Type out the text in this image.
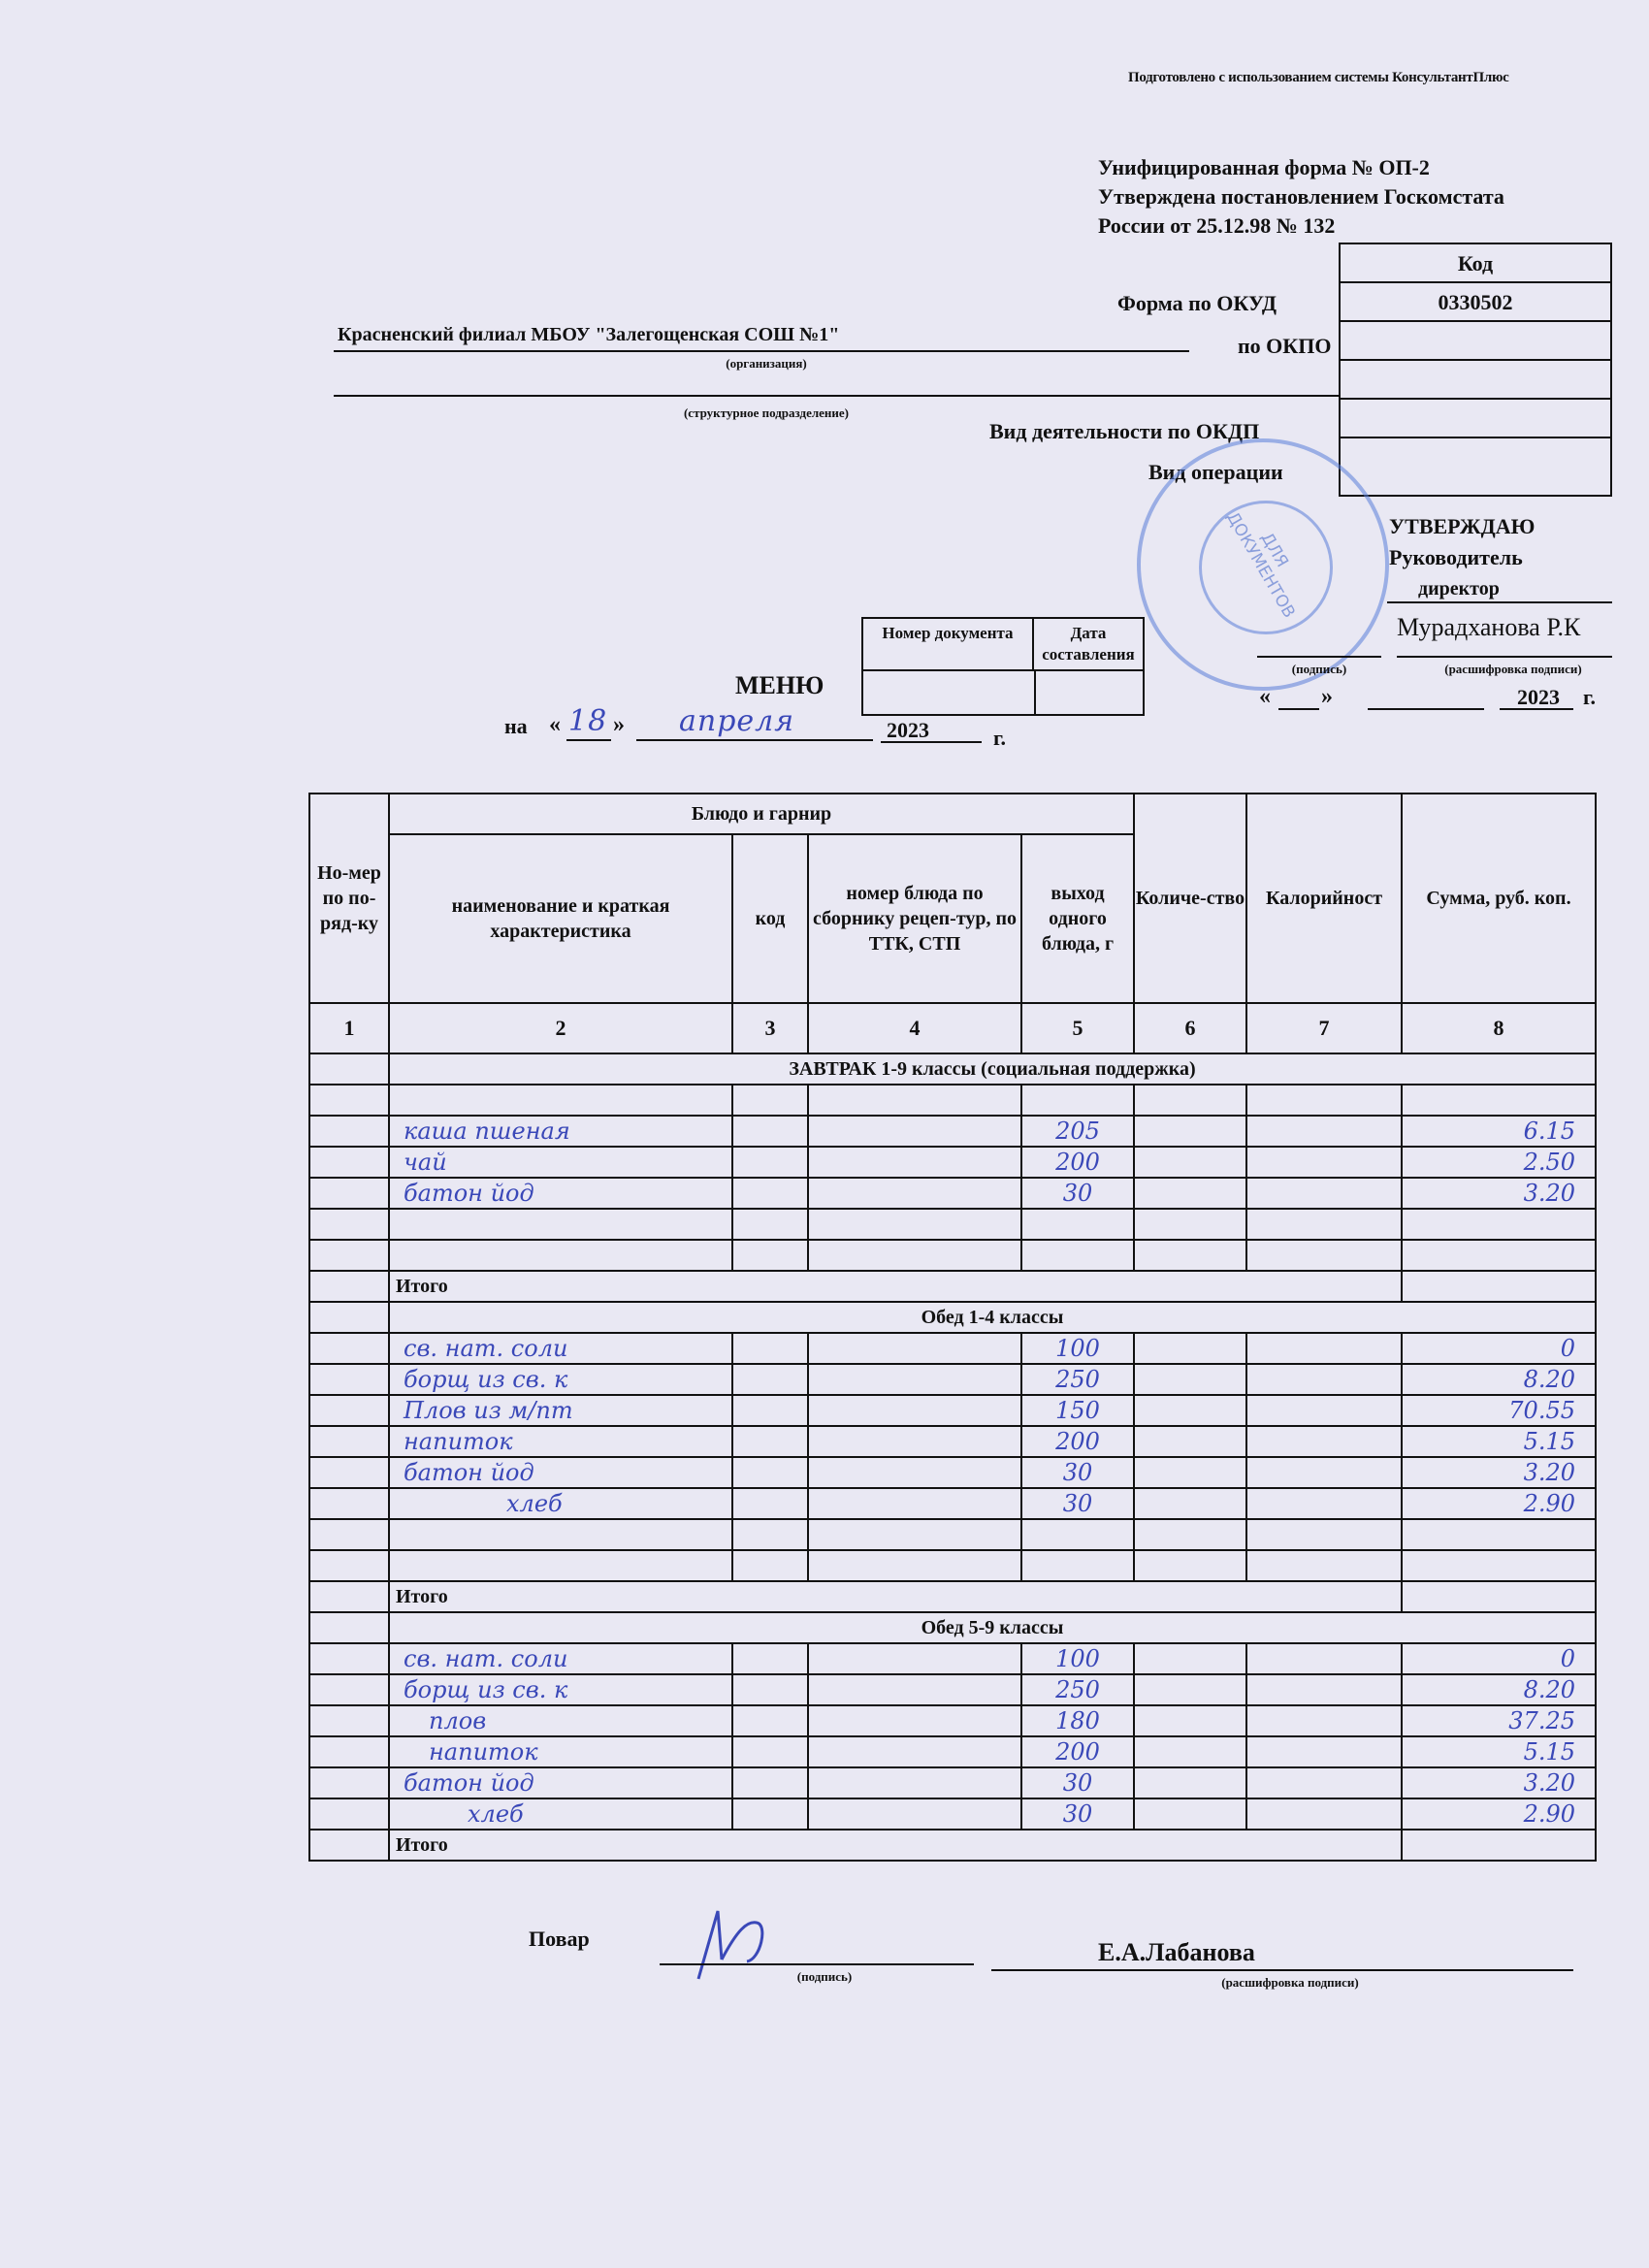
Подготовлено с использованием системы КонсультантПлюс
Унифицированная форма № ОП-2
Утверждена постановлением Госкомстата
России от 25.12.98 № 132
Код
0330502
Форма по ОКУД
по ОКПО
Красненский филиал МБОУ "Залегощенская СОШ №1"
(организация)
(структурное подразделение)
Вид деятельности по ОКДП
Вид операции
ДЛЯ ДОКУМЕНТОВ	УТВЕРЖДАЮ
Руководитель
директор
Мурадханова Р.К
(подпись)	(расшифровка подписи)
« »	2023 г.
Номер документа	Дата составления
МЕНЮ
на « 18 » апреля	2023	г.
Но-мер по по-ряд-ку	Блюдо и гарнир				Количе-ство	Калорийност	Сумма, руб. коп.
	наименование и краткая характеристика	код	номер блюда по сборнику рецеп-тур, по ТТК, СТП	выход одного блюда, г			
1	2	3	4	5	6	7	8
	ЗАВТРАК 1-9 классы (социальная поддержка)						

	каша пшеная			205			6.15
	чай			200			2.50
	батон йод			30			3.20

	Итого						
	Обед 1-4 классы						
	св. нат. соли			100			0
	борщ из св. к			250			8.20
	Плов из м/пт			150			70.55
	напиток			200			5.15
	батон йод			30			3.20
	хлеб			30			2.90

	Итого						
	Обед 5-9 классы						
	св. нат. соли			100			0
	борщ из св. к			250			8.20
	плов			180			37.25
	напиток			200			5.15
	батон йод			30			3.20
	хлеб			30			2.90
	Итого						
Повар
(подпись)
Е.А.Лабанова
(расшифровка подписи)
